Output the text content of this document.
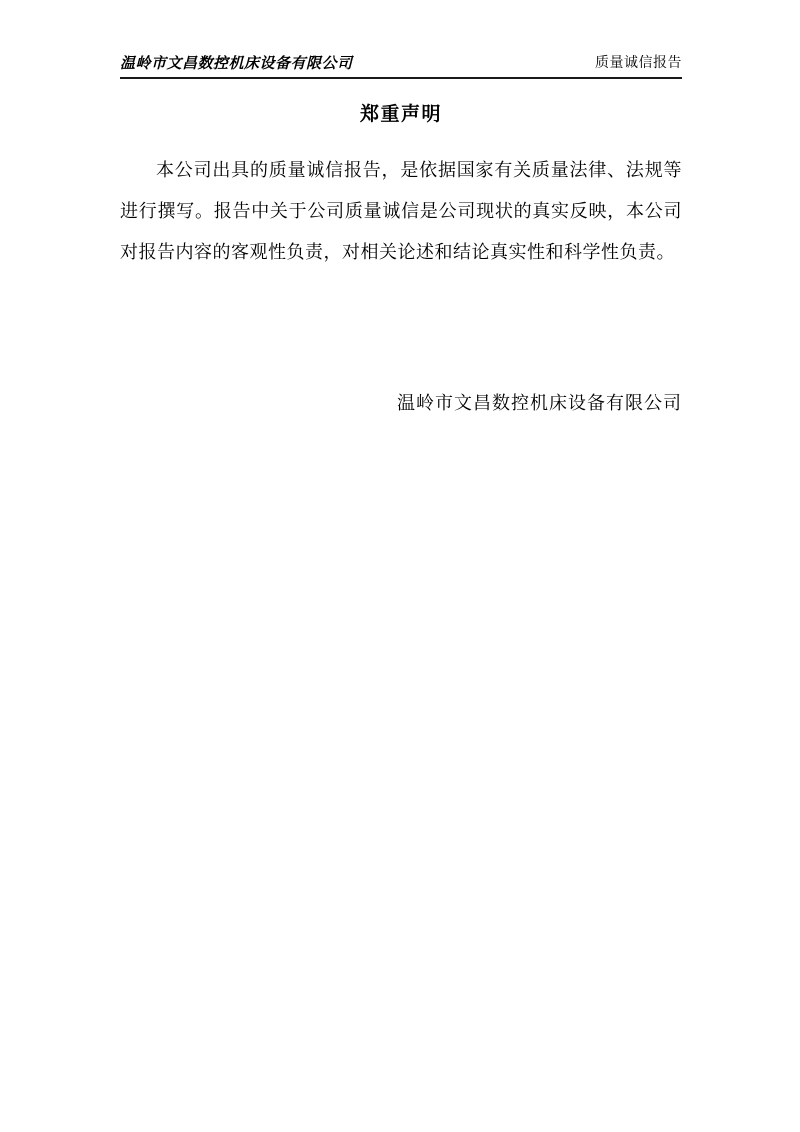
温岭市文昌数控机床设备有限公司	质量诚信报告
郑重声明

本公司出具的质量诚信报告，是依据国家有关质量法律、法规等进行撰写。报告中关于公司质量诚信是公司现状的真实反映，本公司对报告内容的客观性负责，对相关论述和结论真实性和科学性负责。

温岭市文昌数控机床设备有限公司
